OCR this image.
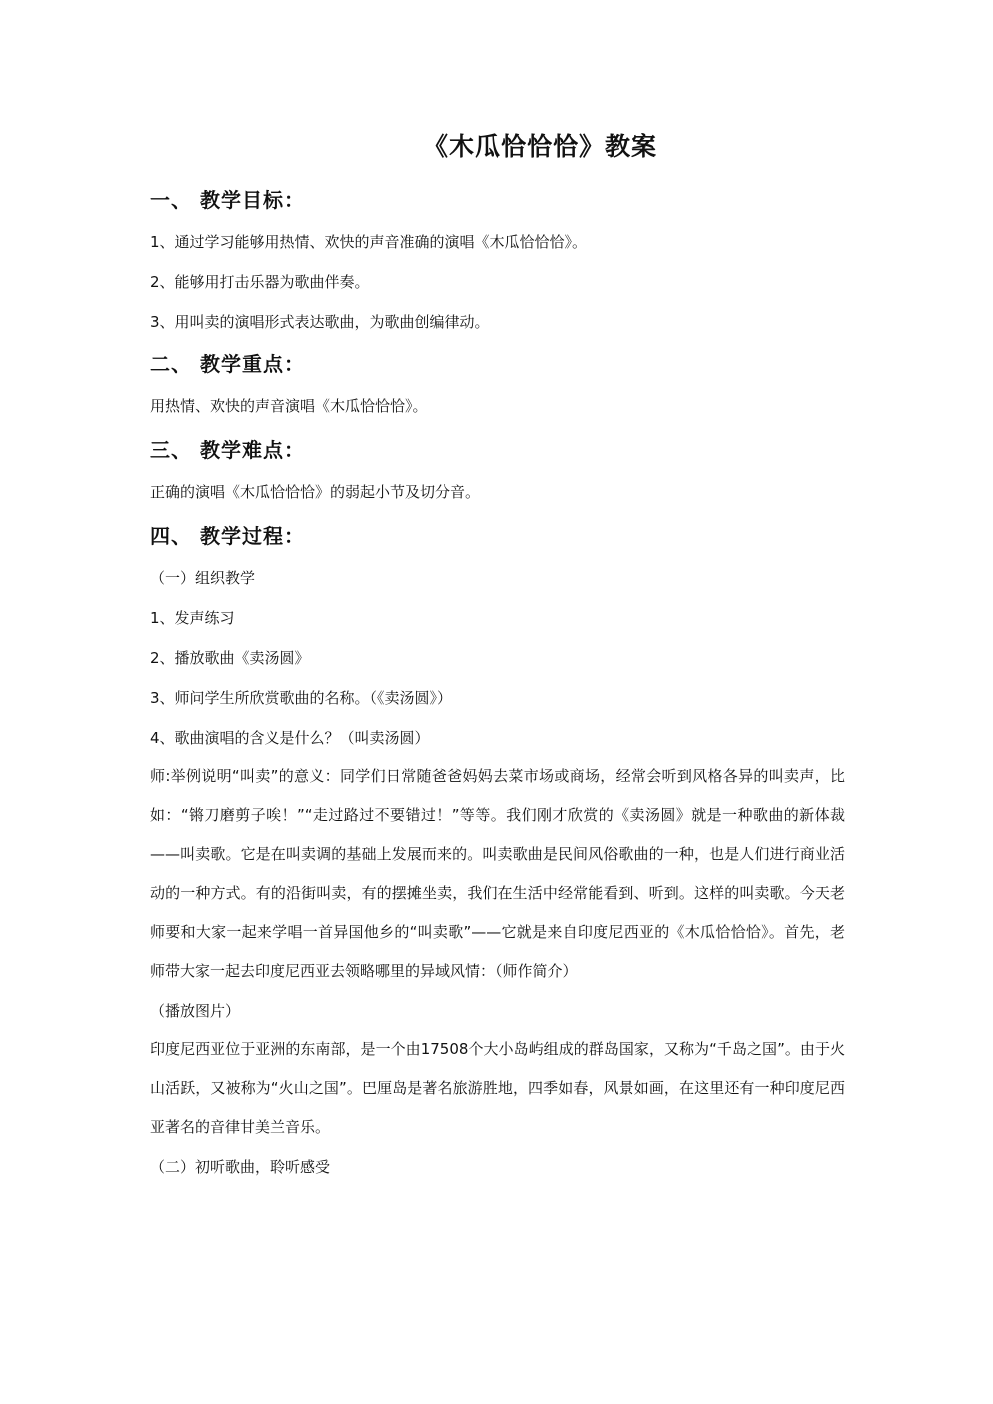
《木瓜恰恰恰》教案
一、 教学目标：
1、通过学习能够用热情、欢快的声音准确的演唱《木瓜恰恰恰》。
2、能够用打击乐器为歌曲伴奏。
3、用叫卖的演唱形式表达歌曲，为歌曲创编律动。
二、 教学重点：
用热情、欢快的声音演唱《木瓜恰恰恰》。
三、 教学难点：
正确的演唱《木瓜恰恰恰》的弱起小节及切分音。
四、 教学过程：
（一）组织教学
1、发声练习
2、播放歌曲《卖汤圆》
3、师问学生所欣赏歌曲的名称。（《卖汤圆》）
4、歌曲演唱的含义是什么？（叫卖汤圆）
师:举例说明“叫卖”的意义：同学们日常随爸爸妈妈去菜市场或商场，经常会听到风格各异的叫卖声，比如：“锵刀磨剪子唉！”“走过路过不要错过！”等等。我们刚才欣赏的《卖汤圆》就是一种歌曲的新体裁——叫卖歌。它是在叫卖调的基础上发展而来的。叫卖歌曲是民间风俗歌曲的一种，也是人们进行商业活动的一种方式。有的沿街叫卖，有的摆摊坐卖，我们在生活中经常能看到、听到。这样的叫卖歌。今天老师要和大家一起来学唱一首异国他乡的“叫卖歌”——它就是来自印度尼西亚的《木瓜恰恰恰》。首先，老师带大家一起去印度尼西亚去领略哪里的异域风情：（师作简介）
（播放图片）
印度尼西亚位于亚洲的东南部，是一个由17508个大小岛屿组成的群岛国家，又称为“千岛之国”。由于火山活跃，又被称为“火山之国”。巴厘岛是著名旅游胜地，四季如春，风景如画，在这里还有一种印度尼西亚著名的音律甘美兰音乐。
（二）初听歌曲，聆听感受
